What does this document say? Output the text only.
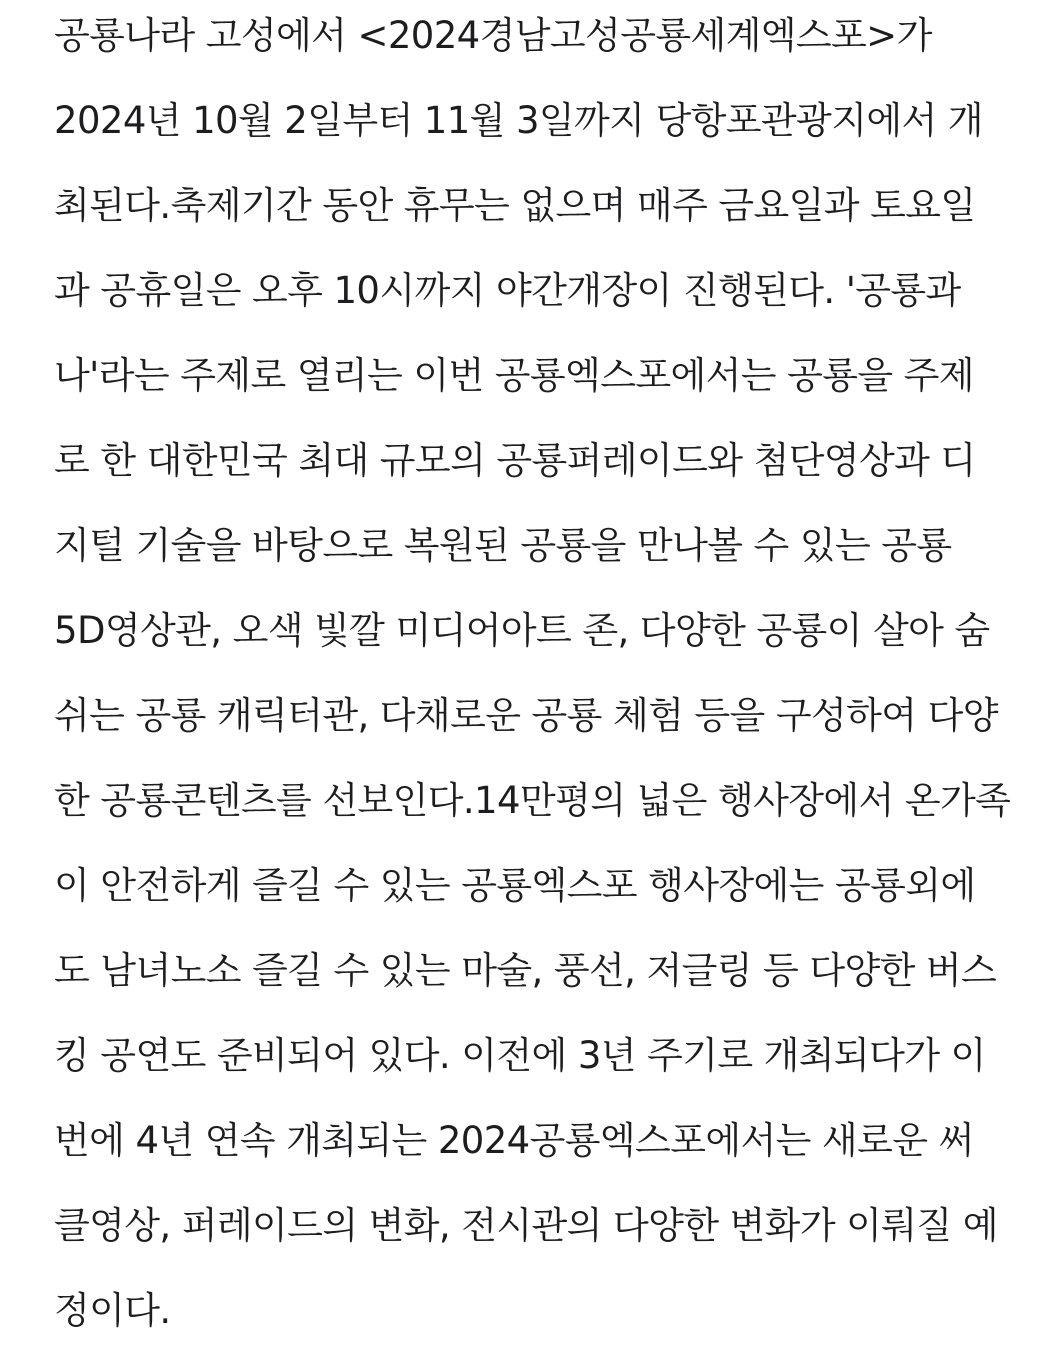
공룡나라 고성에서 <2024경남고성공룡세계엑스포>가
2024년 10월 2일부터 11월 3일까지 당항포관광지에서 개
최된다.축제기간 동안 휴무는 없으며 매주 금요일과 토요일
과 공휴일은 오후 10시까지 야간개장이 진행된다. '공룡과
나'라는 주제로 열리는 이번 공룡엑스포에서는 공룡을 주제
로 한 대한민국 최대 규모의 공룡퍼레이드와 첨단영상과 디
지털 기술을 바탕으로 복원된 공룡을 만나볼 수 있는 공룡
5D영상관, 오색 빛깔 미디어아트 존, 다양한 공룡이 살아 숨
쉬는 공룡 캐릭터관, 다채로운 공룡 체험 등을 구성하여 다양
한 공룡콘텐츠를 선보인다.14만평의 넓은 행사장에서 온가족
이 안전하게 즐길 수 있는 공룡엑스포 행사장에는 공룡외에
도 남녀노소 즐길 수 있는 마술, 풍선, 저글링 등 다양한 버스
킹 공연도 준비되어 있다. 이전에 3년 주기로 개최되다가 이
번에 4년 연속 개최되는 2024공룡엑스포에서는 새로운 써
클영상, 퍼레이드의 변화, 전시관의 다양한 변화가 이뤄질 예
정이다.
